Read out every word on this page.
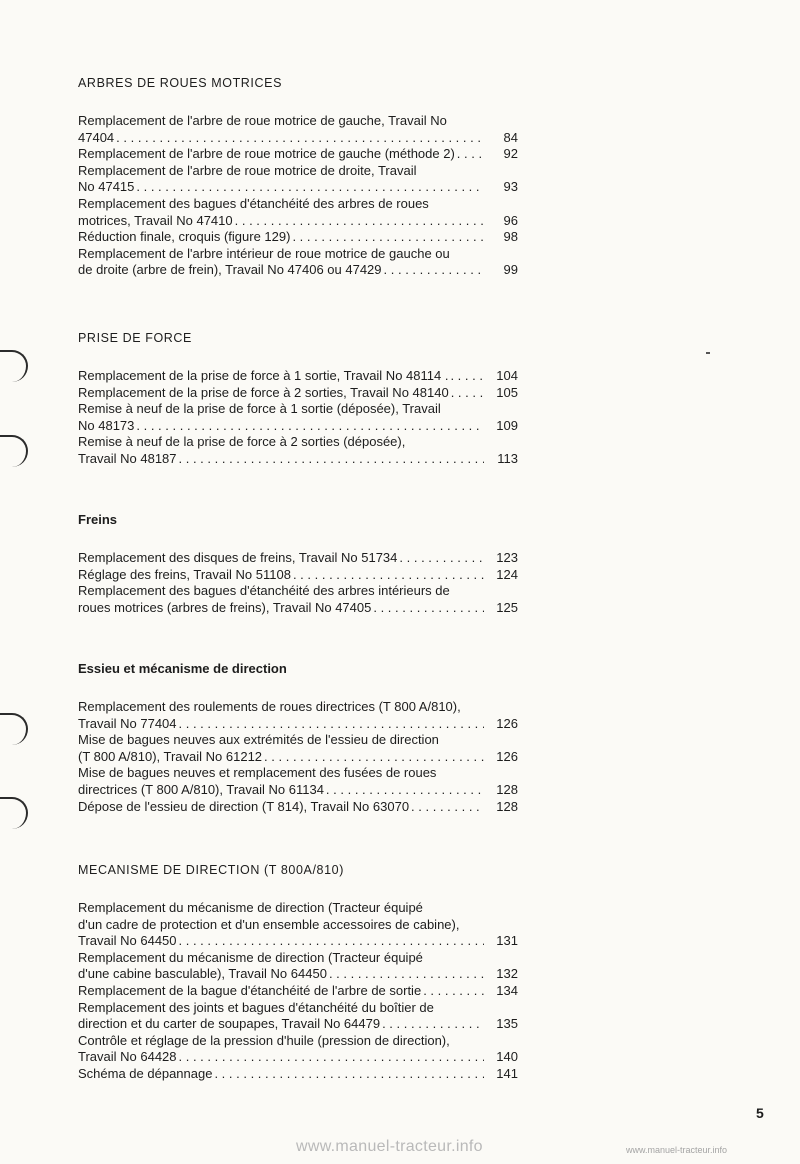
ARBRES DE ROUES MOTRICES
Remplacement de l'arbre de roue motrice de gauche, Travail No
47404 . . .	84
Remplacement de l'arbre de roue motrice de gauche (méthode 2) . . .	92
Remplacement de l'arbre de roue motrice de droite, Travail
No 47415 . . .	93
Remplacement des bagues d'étanchéité des arbres de roues
motrices, Travail No 47410 . . .	96
Réduction finale, croquis (figure 129) . . .	98
Remplacement de l'arbre intérieur de roue motrice de gauche ou
de droite (arbre de frein), Travail No 47406 ou 47429 . . .	99
PRISE DE FORCE
Remplacement de la prise de force à 1 sortie, Travail No 48114 . . . .	104
Remplacement de la prise de force à 2 sorties, Travail No 48140 . . .	105
Remise à neuf de la prise de force à 1 sortie (déposée), Travail
No 48173 . . .	109
Remise à neuf de la prise de force à 2 sorties (déposée),
Travail No 48187 . . .	113
Freins
Remplacement des disques de freins, Travail No 51734 . . .	123
Réglage des freins, Travail No 51108 . . .	124
Remplacement des bagues d'étanchéité des arbres intérieurs de
roues motrices (arbres de freins), Travail No 47405 . . .	125
Essieu et mécanisme de direction
Remplacement des roulements de roues directrices (T 800 A/810),
Travail No 77404 . . .	126
Mise de bagues neuves aux extrémités de l'essieu de direction
(T 800 A/810), Travail No 61212 . . .	126
Mise de bagues neuves et remplacement des fusées de roues
directrices (T 800 A/810), Travail No 61134 . . .	128
Dépose de l'essieu de direction (T 814), Travail No 63070 . . .	128
MECANISME DE DIRECTION (T 800A/810)
Remplacement du mécanisme de direction (Tracteur équipé
d'un cadre de protection et d'un ensemble accessoires de cabine),
Travail No 64450 . . .	131
Remplacement du mécanisme de direction (Tracteur équipé
d'une cabine basculable), Travail No 64450 . . .	132
Remplacement de la bague d'étanchéité de l'arbre de sortie . . .	134
Remplacement des joints et bagues d'étanchéité du boîtier de
direction et du carter de soupapes, Travail No 64479 . . .	135
Contrôle et réglage de la pression d'huile (pression de direction),
Travail No 64428 . . .	140
Schéma de dépannage . . .	141
5
www.manuel-tracteur.info	www.manuel-tracteur.info
